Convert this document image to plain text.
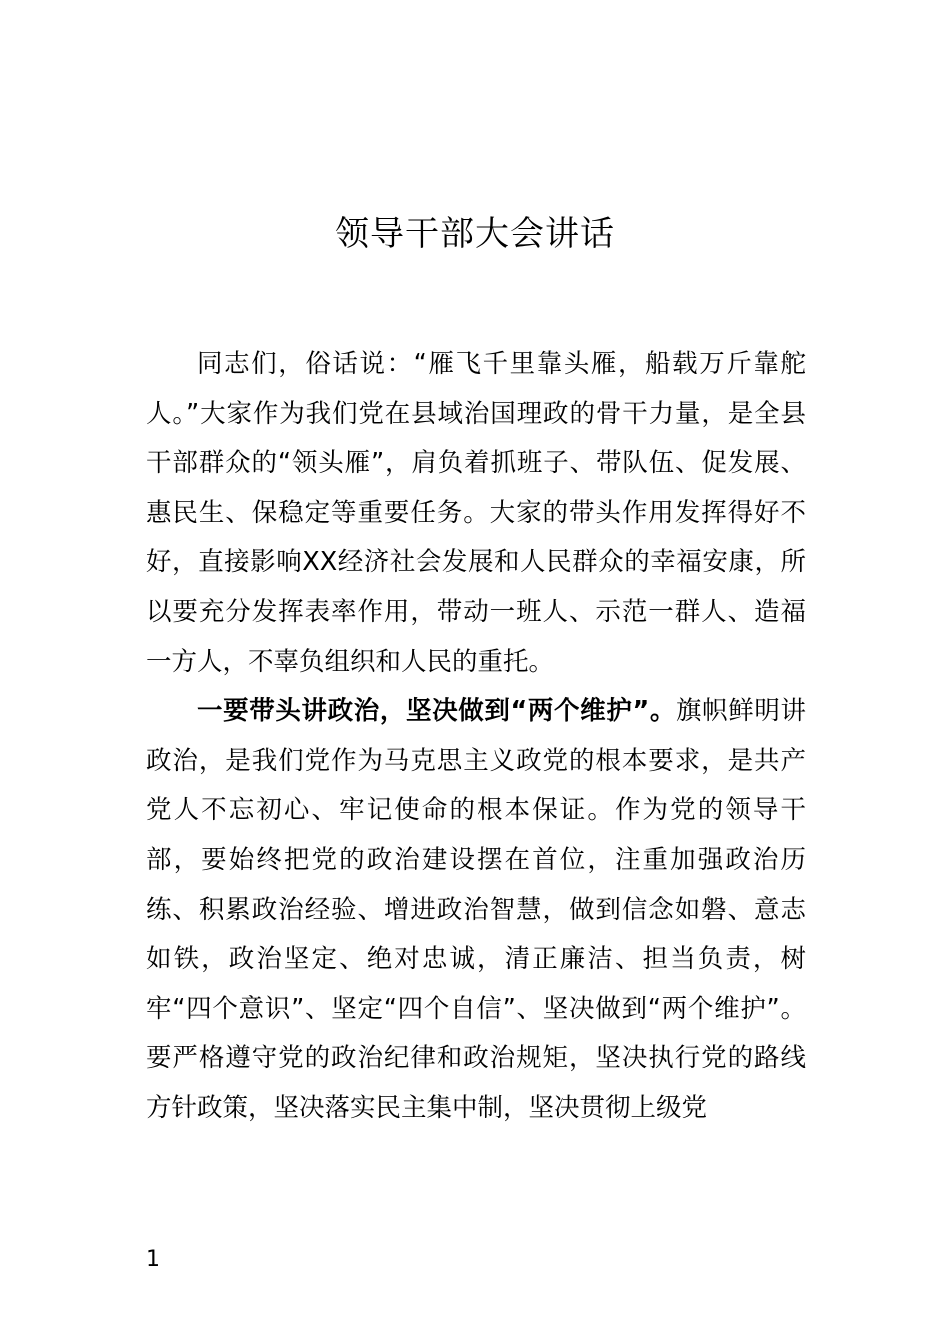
领导干部大会讲话

同志们，俗话说：“雁飞千里靠头雁，船载万斤靠舵人。”大家作为我们党在县域治国理政的骨干力量，是全县干部群众的“领头雁”，肩负着抓班子、带队伍、促发展、惠民生、保稳定等重要任务。大家的带头作用发挥得好不好，直接影响XX经济社会发展和人民群众的幸福安康，所以要充分发挥表率作用，带动一班人、示范一群人、造福一方人，不辜负组织和人民的重托。

一要带头讲政治，坚决做到“两个维护”。旗帜鲜明讲政治，是我们党作为马克思主义政党的根本要求，是共产党人不忘初心、牢记使命的根本保证。作为党的领导干部，要始终把党的政治建设摆在首位，注重加强政治历练、积累政治经验、增进政治智慧，做到信念如磐、意志如铁，政治坚定、绝对忠诚，清正廉洁、担当负责，树牢“四个意识”、坚定“四个自信”、坚决做到“两个维护”。要严格遵守党的政治纪律和政治规矩，坚决执行党的路线方针政策，坚决落实民主集中制，坚决贯彻上级党

1
